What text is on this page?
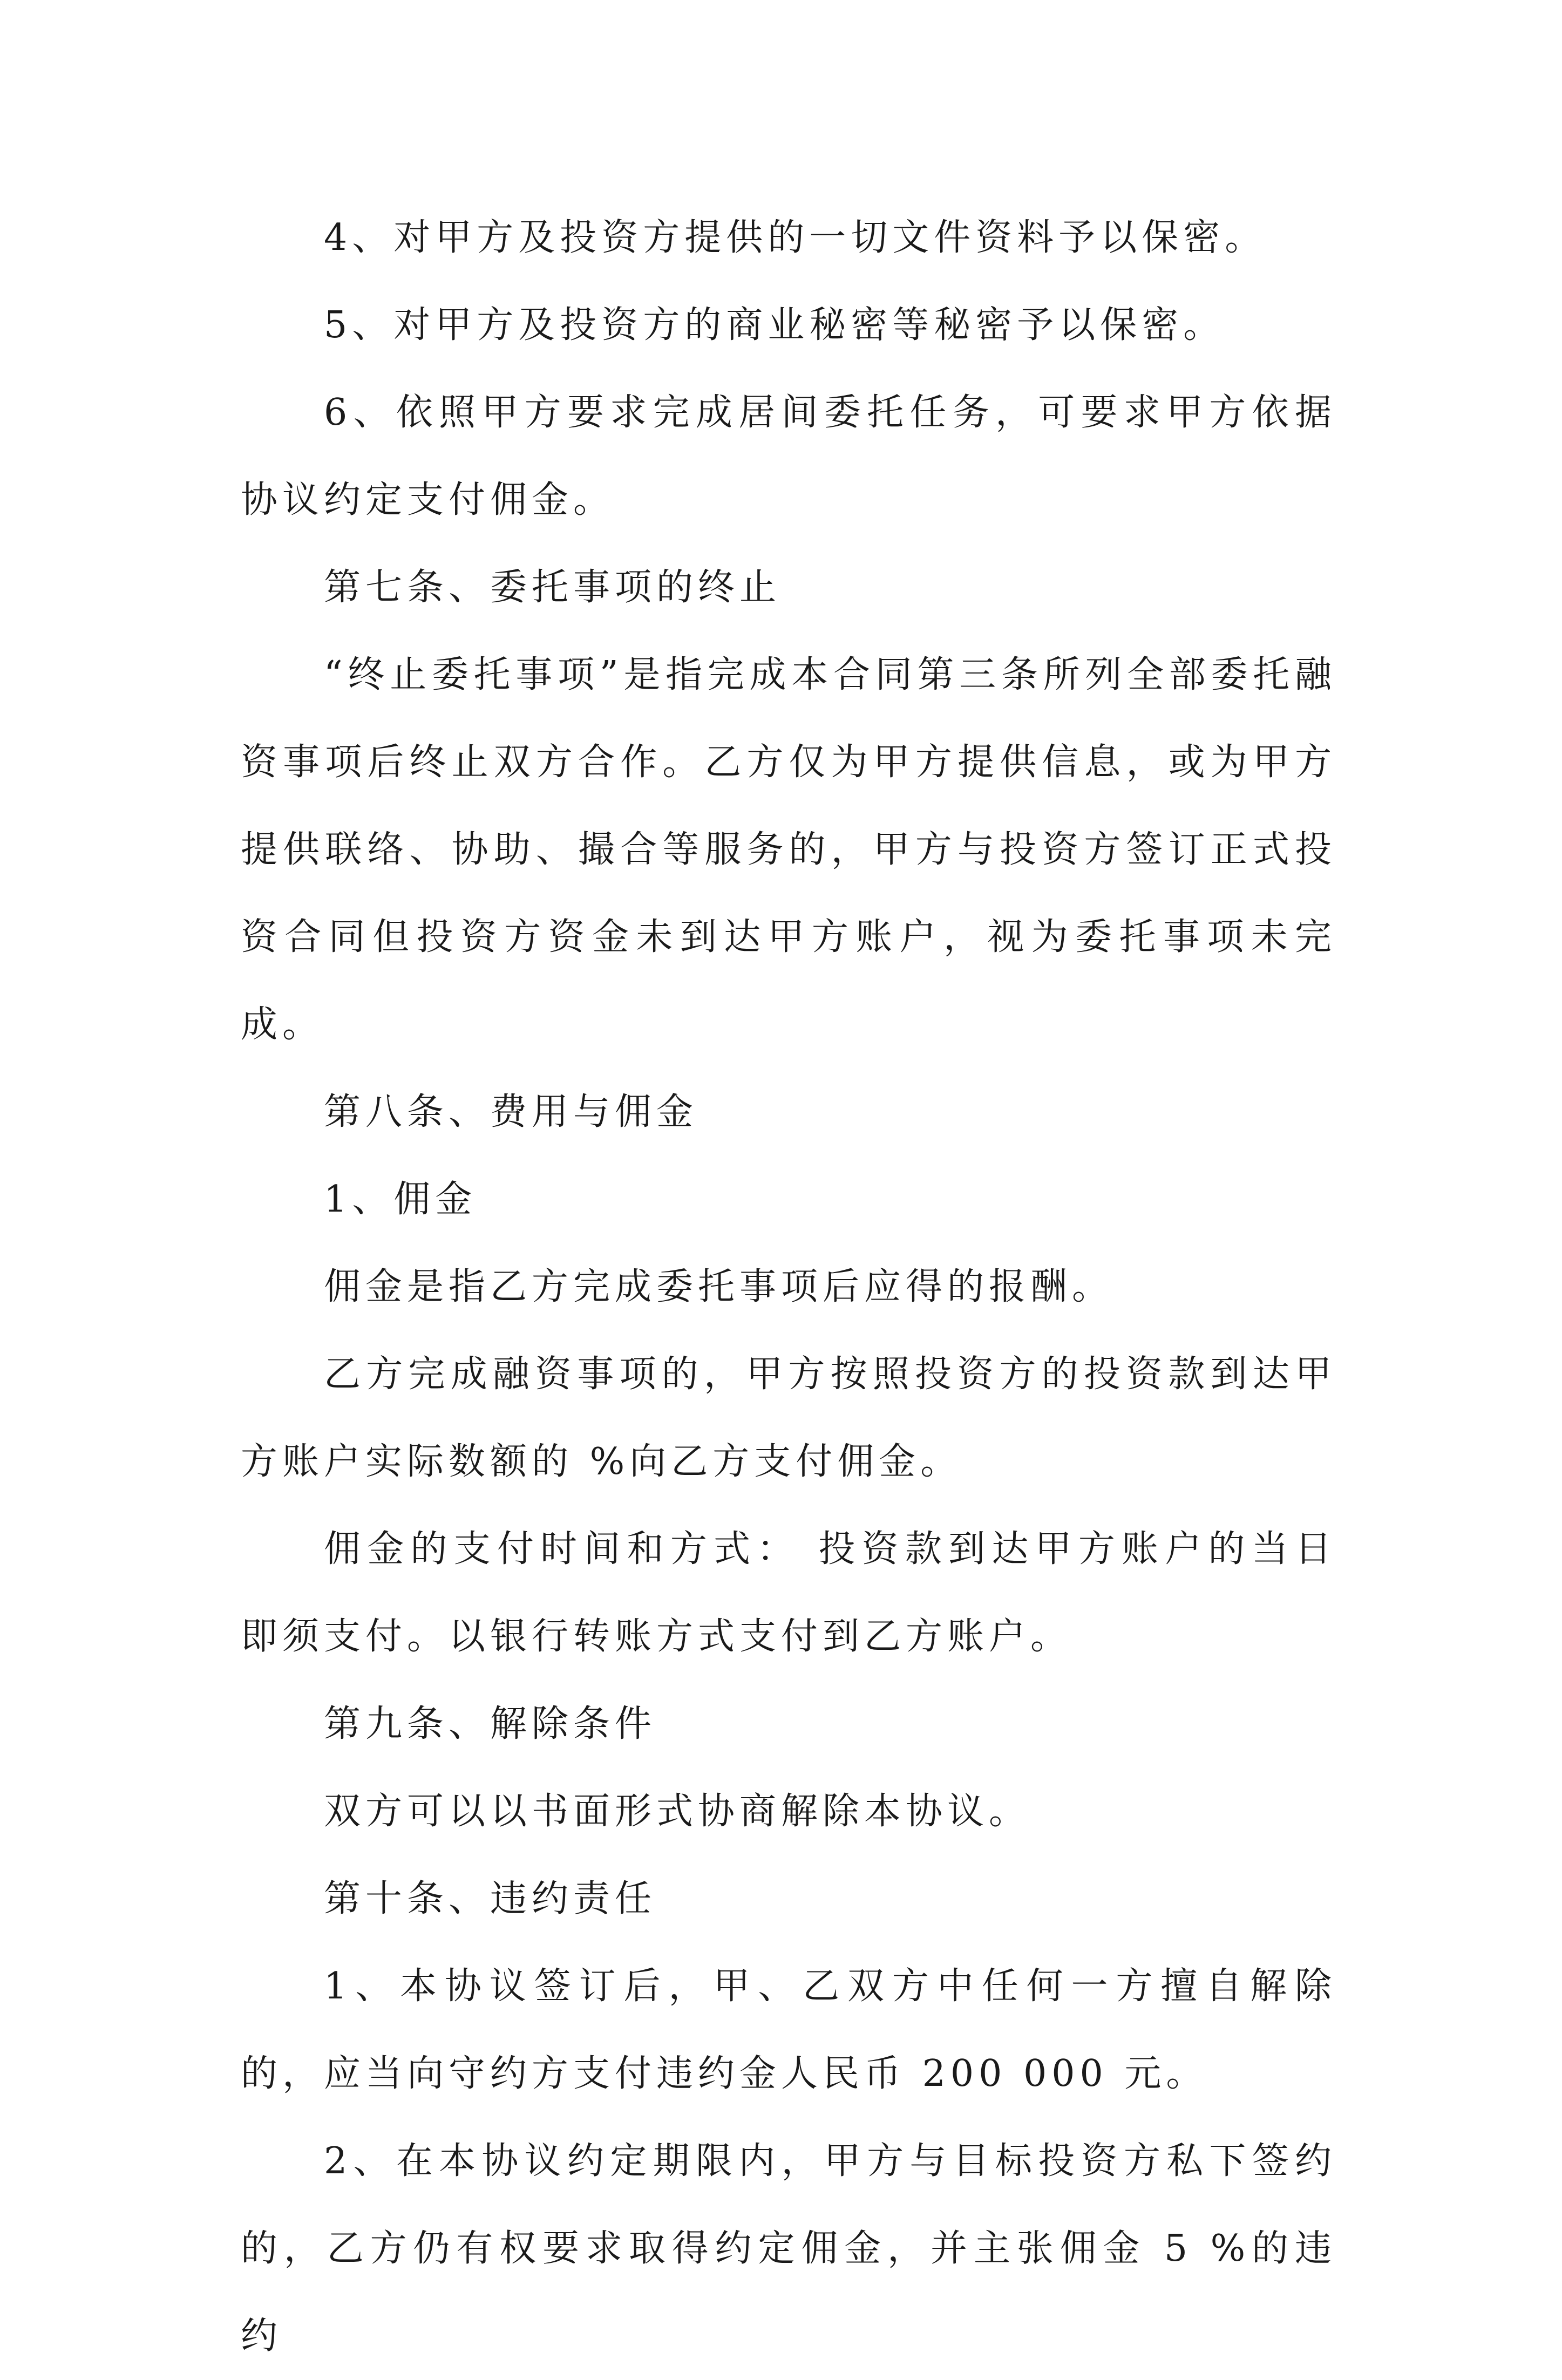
4、对甲方及投资方提供的一切文件资料予以保密。

5、对甲方及投资方的商业秘密等秘密予以保密。

6、依照甲方要求完成居间委托任务，可要求甲方依据协议约定支付佣金。

第七条、委托事项的终止

“终止委托事项”是指完成本合同第三条所列全部委托融资事项后终止双方合作。乙方仅为甲方提供信息，或为甲方提供联络、协助、撮合等服务的，甲方与投资方签订正式投资合同但投资方资金未到达甲方账户，视为委托事项未完成。

第八条、费用与佣金

1、佣金

佣金是指乙方完成委托事项后应得的报酬。

乙方完成融资事项的，甲方按照投资方的投资款到达甲方账户实际数额的 %向乙方支付佣金。

佣金的支付时间和方式： 投资款到达甲方账户的当日即须支付。以银行转账方式支付到乙方账户。

第九条、解除条件

双方可以以书面形式协商解除本协议。

第十条、违约责任

1、本协议签订后，甲、乙双方中任何一方擅自解除的，应当向守约方支付违约金人民币 200 000 元。

2、在本协议约定期限内，甲方与目标投资方私下签约的，乙方仍有权要求取得约定佣金，并主张佣金 5 %的违约
